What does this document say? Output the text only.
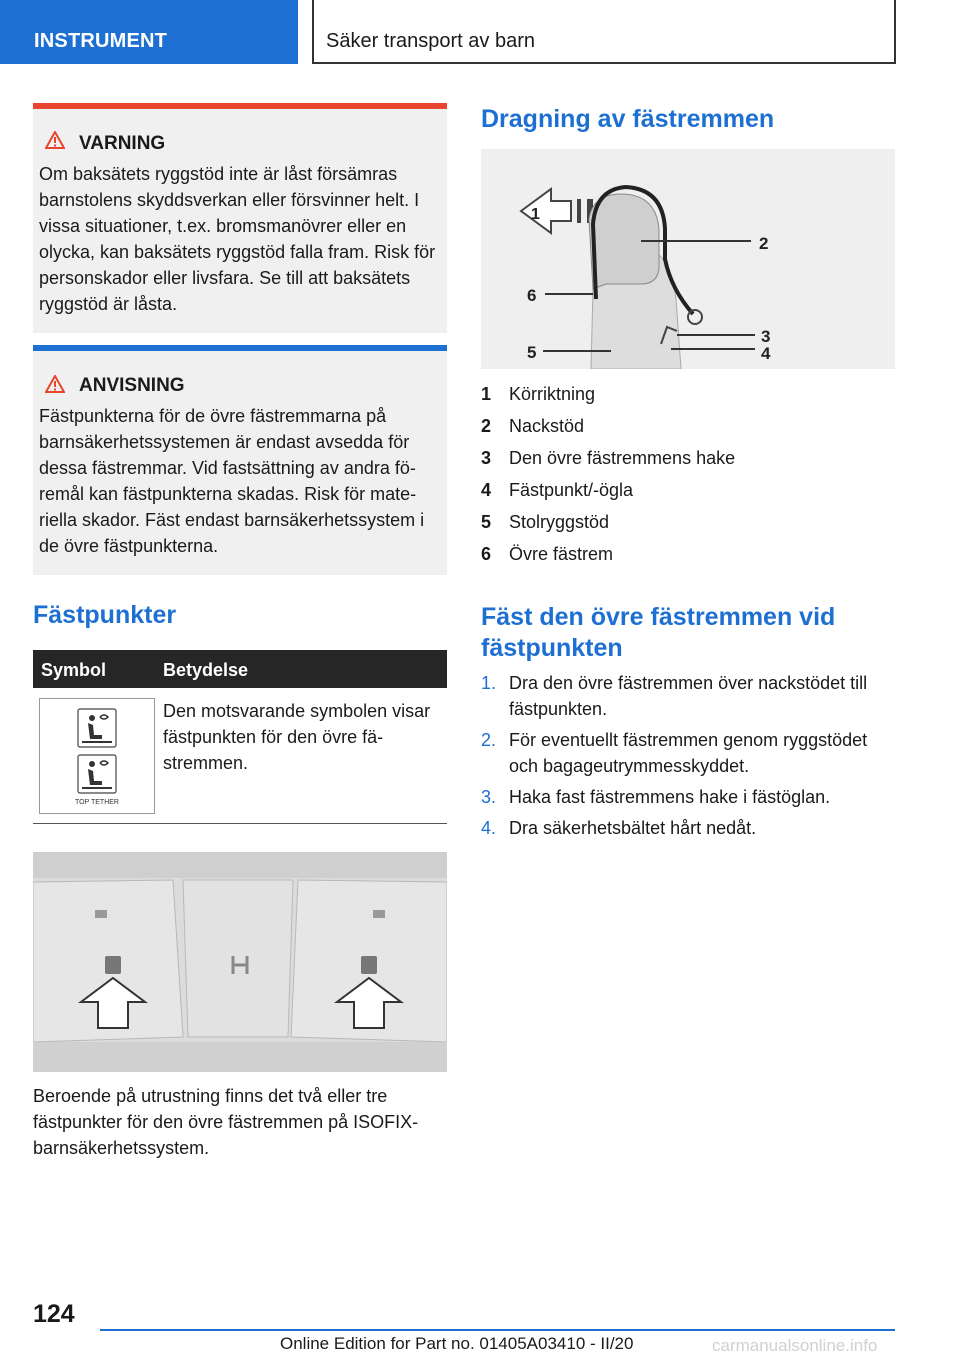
INSTRUMENT	Säker transport av barn
VARNING
Om baksätets ryggstöd inte är låst försämras barnstolens skyddsverkan eller försvinner helt. I vissa situationer, t.ex. bromsmanövrer eller en olycka, kan baksätets ryggstöd falla fram. Risk för personskador eller livsfara. Se till att baksätets ryggstöd är låsta.
ANVISNING
Fästpunkterna för de övre fästremmarna på barnsäkerhetssystemen är endast avsedda för dessa fästremmar. Vid fastsättning av andra föremål kan fästpunkterna skadas. Risk för materiella skador. Fäst endast barnsäkerhetssystem i de övre fästpunkterna.
Fästpunkter
Symbol	Betydelse
TOP TETHER
Den motsvarande symbolen visar fästpunkten för den övre fästremmen.
Beroende på utrustning finns det två eller tre fästpunkter för den övre fästremmen på ISOFIX-barnsäkerhetssystem.
Dragning av fästremmen
1
2
6
3
4
5
1 Körriktning
2 Nackstöd
3 Den övre fästremmens hake
4 Fästpunkt/-ögla
5 Stolryggstöd
6 Övre fästrem
Fäst den övre fästremmen vid
fästpunkten
1. Dra den övre fästremmen över nackstödet till fästpunkten.
2. För eventuellt fästremmen genom ryggstödet och bagageutrymmesskyddet.
3. Haka fast fästremmens hake i fästöglan.
4. Dra säkerhetsbältet hårt nedåt.
124
Online Edition for Part no. 01405A03410 - II/20	carmanualsonline.info
